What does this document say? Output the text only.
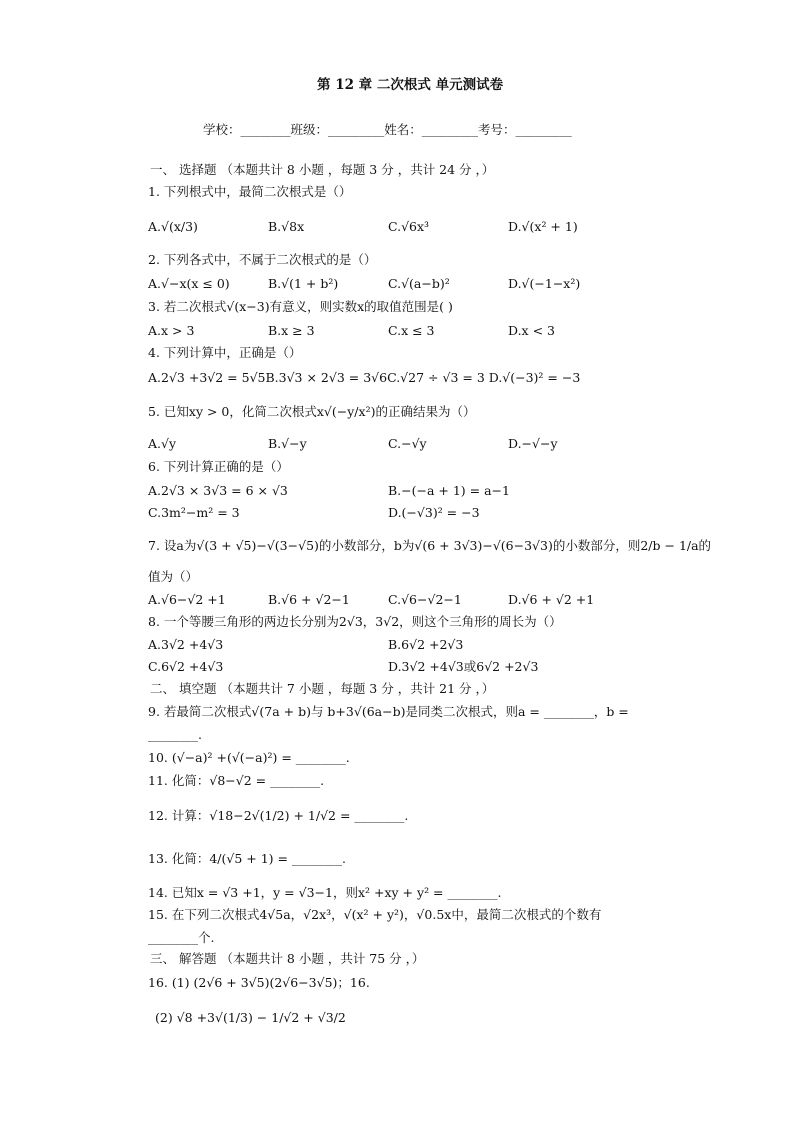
第 12 章 二次根式 单元测试卷
学校：________班级：_________姓名：_________考号：_________
一、 选择题 （本题共计 8 小题 ，每题 3 分 ，共计 24 分 ，）
1. 下列根式中，最简二次根式是（）
A.√(x/3)	B.√8x	C.√6x³	D.√(x² + 1)
2. 下列各式中，不属于二次根式的是（）
A.√−x(x ≤ 0)	B.√(1 + b²)	C.√(a−b)²	D.√(−1−x²)
3. 若二次根式√(x−3)有意义，则实数x的取值范围是( )
A.x > 3	B.x ≥ 3	C.x ≤ 3	D.x < 3
4. 下列计算中，正确是（）
A.2√3 +3√2 = 5√5B.3√3 × 2√3 = 3√6C.√27 ÷ √3 = 3 D.√(−3)² = −3
5. 已知xy > 0，化简二次根式x√(−y/x²)的正确结果为（）
A.√y	B.√−y	C.−√y	D.−√−y
6. 下列计算正确的是（）
A.2√3 × 3√3 = 6 × √3	B.−(−a + 1) = a−1
C.3m²−m² = 3	D.(−√3)² = −3
7. 设a为√(3 + √5)−√(3−√5)的小数部分，b为√(6 + 3√3)−√(6−3√3)的小数部分，则2/b − 1/a的
值为（）
A.√6−√2 +1	B.√6 + √2−1	C.√6−√2−1	D.√6 + √2 +1
8. 一个等腰三角形的两边长分别为2√3，3√2，则这个三角形的周长为（）
A.3√2 +4√3	B.6√2 +2√3
C.6√2 +4√3	D.3√2 +4√3或6√2 +2√3
二、 填空题 （本题共计 7 小题 ，每题 3 分 ，共计 21 分 ，）
9. 若最简二次根式√(7a + b)与 b+3√(6a−b)是同类二次根式，则a = ________，b =
________.
10. (√−a)² +(√(−a)²) = ________.
11. 化简：√8−√2 = ________.
12. 计算：√18−2√(1/2) + 1/√2 = ________.
13. 化简：4/(√5 + 1) = ________.
14. 已知x = √3 +1，y = √3−1，则x² +xy + y² = ________.
15. 在下列二次根式4√5a，√2x³，√(x² + y²)，√0.5x中，最简二次根式的个数有
________个.
三、 解答题 （本题共计 8 小题 ，共计 75 分 ，）
16. (1) (2√6 + 3√5)(2√6−3√5)；16.
(2) √8 +3√(1/3) − 1/√2 + √3/2
